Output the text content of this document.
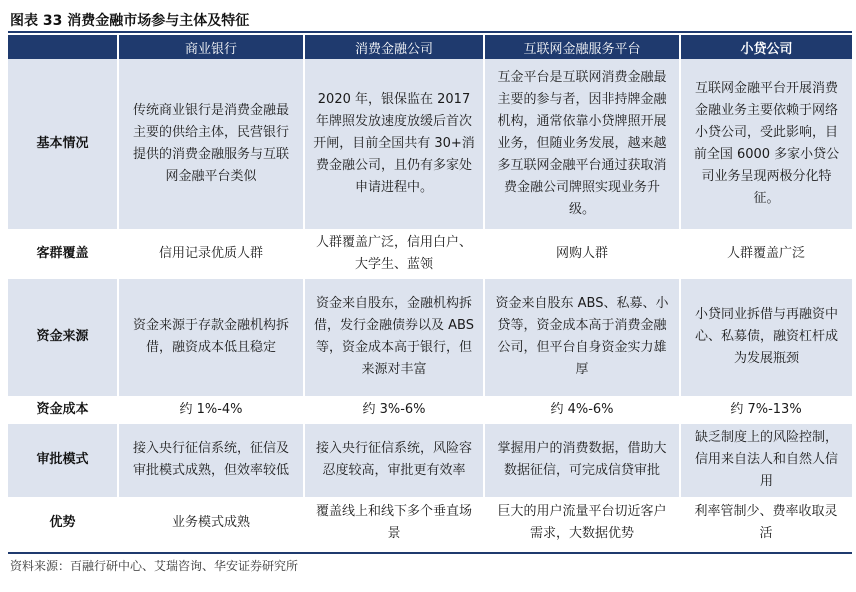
图表 33 消费金融市场参与主体及特征
	商业银行	消费金融公司	互联网金融服务平台	小贷公司
基本情况	传统商业银行是消费金融最主要的供给主体，民营银行提供的消费金融服务与互联网金融平台类似	2020 年，银保监在 2017 年牌照发放速度放缓后首次开闸，目前全国共有 30+消费金融公司，且仍有多家处申请进程中。	互金平台是互联网消费金融最主要的参与者，因非持牌金融机构，通常依靠小贷牌照开展业务，但随业务发展，越来越多互联网金融平台通过获取消费金融公司牌照实现业务升级。	互联网金融平台开展消费金融业务主要依赖于网络小贷公司，受此影响，目前全国 6000 多家小贷公司业务呈现两极分化特征。
客群覆盖	信用记录优质人群	人群覆盖广泛，信用白户、大学生、蓝领	网购人群	人群覆盖广泛
资金来源	资金来源于存款金融机构拆借，融资成本低且稳定	资金来自股东，金融机构拆借，发行金融债券以及 ABS 等，资金成本高于银行，但来源对丰富	资金来自股东 ABS、私募、小贷等，资金成本高于消费金融公司，但平台自身资金实力雄厚	小贷同业拆借与再融资中心、私募债，融资杠杆成为发展瓶颈
资金成本	约 1%-4%	约 3%-6%	约 4%-6%	约 7%-13%
审批模式	接入央行征信系统，征信及审批模式成熟，但效率较低	接入央行征信系统，风险容忍度较高，审批更有效率	掌握用户的消费数据，借助大数据征信，可完成信贷审批	缺乏制度上的风险控制，信用来自法人和自然人信用
优势	业务模式成熟	覆盖线上和线下多个垂直场景	巨大的用户流量平台切近客户需求，大数据优势	利率管制少、费率收取灵活
资料来源：百融行研中心、艾瑞咨询、华安证券研究所
